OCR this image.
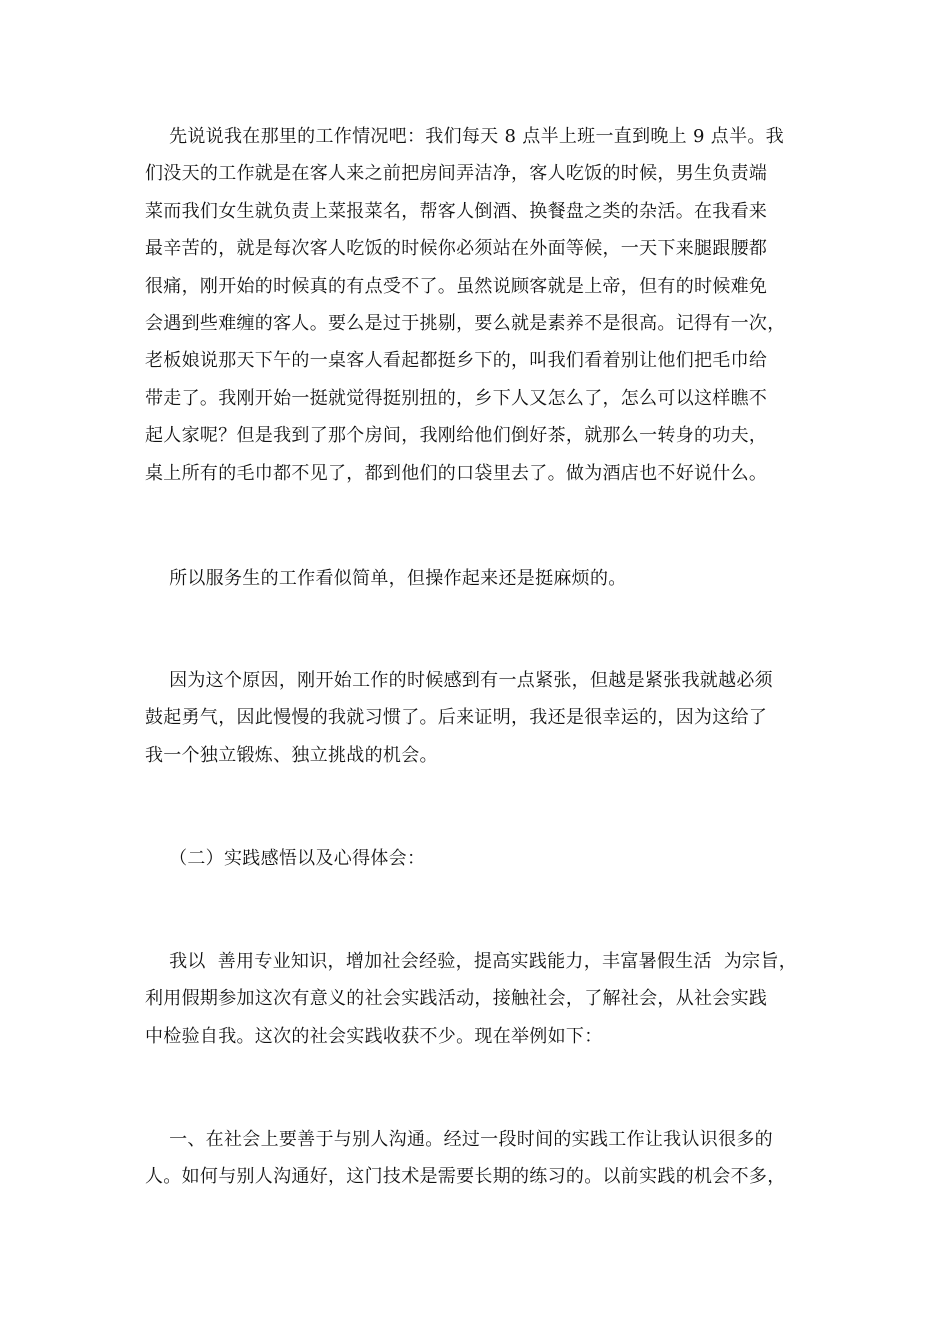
先说说我在那里的工作情况吧：我们每天 8 点半上班一直到晚上 9 点半。我
们没天的工作就是在客人来之前把房间弄洁净，客人吃饭的时候，男生负责端
菜而我们女生就负责上菜报菜名，帮客人倒酒、换餐盘之类的杂活。在我看来
最辛苦的，就是每次客人吃饭的时候你必须站在外面等候，一天下来腿跟腰都
很痛，刚开始的时候真的有点受不了。虽然说顾客就是上帝，但有的时候难免
会遇到些难缠的客人。要么是过于挑剔，要么就是素养不是很高。记得有一次，
老板娘说那天下午的一桌客人看起都挺乡下的，叫我们看着别让他们把毛巾给
带走了。我刚开始一挺就觉得挺别扭的，乡下人又怎么了，怎么可以这样瞧不
起人家呢？但是我到了那个房间，我刚给他们倒好茶，就那么一转身的功夫，
桌上所有的毛巾都不见了，都到他们的口袋里去了。做为酒店也不好说什么。
所以服务生的工作看似简单，但操作起来还是挺麻烦的。
因为这个原因，刚开始工作的时候感到有一点紧张，但越是紧张我就越必须
鼓起勇气，因此慢慢的我就习惯了。后来证明，我还是很幸运的，因为这给了
我一个独立锻炼、独立挑战的机会。
（二）实践感悟以及心得体会：
我以  善用专业知识，增加社会经验，提高实践能力，丰富暑假生活  为宗旨，
利用假期参加这次有意义的社会实践活动，接触社会，了解社会，从社会实践
中检验自我。这次的社会实践收获不少。现在举例如下：
一、在社会上要善于与别人沟通。经过一段时间的实践工作让我认识很多的
人。如何与别人沟通好，这门技术是需要长期的练习的。以前实践的机会不多，
